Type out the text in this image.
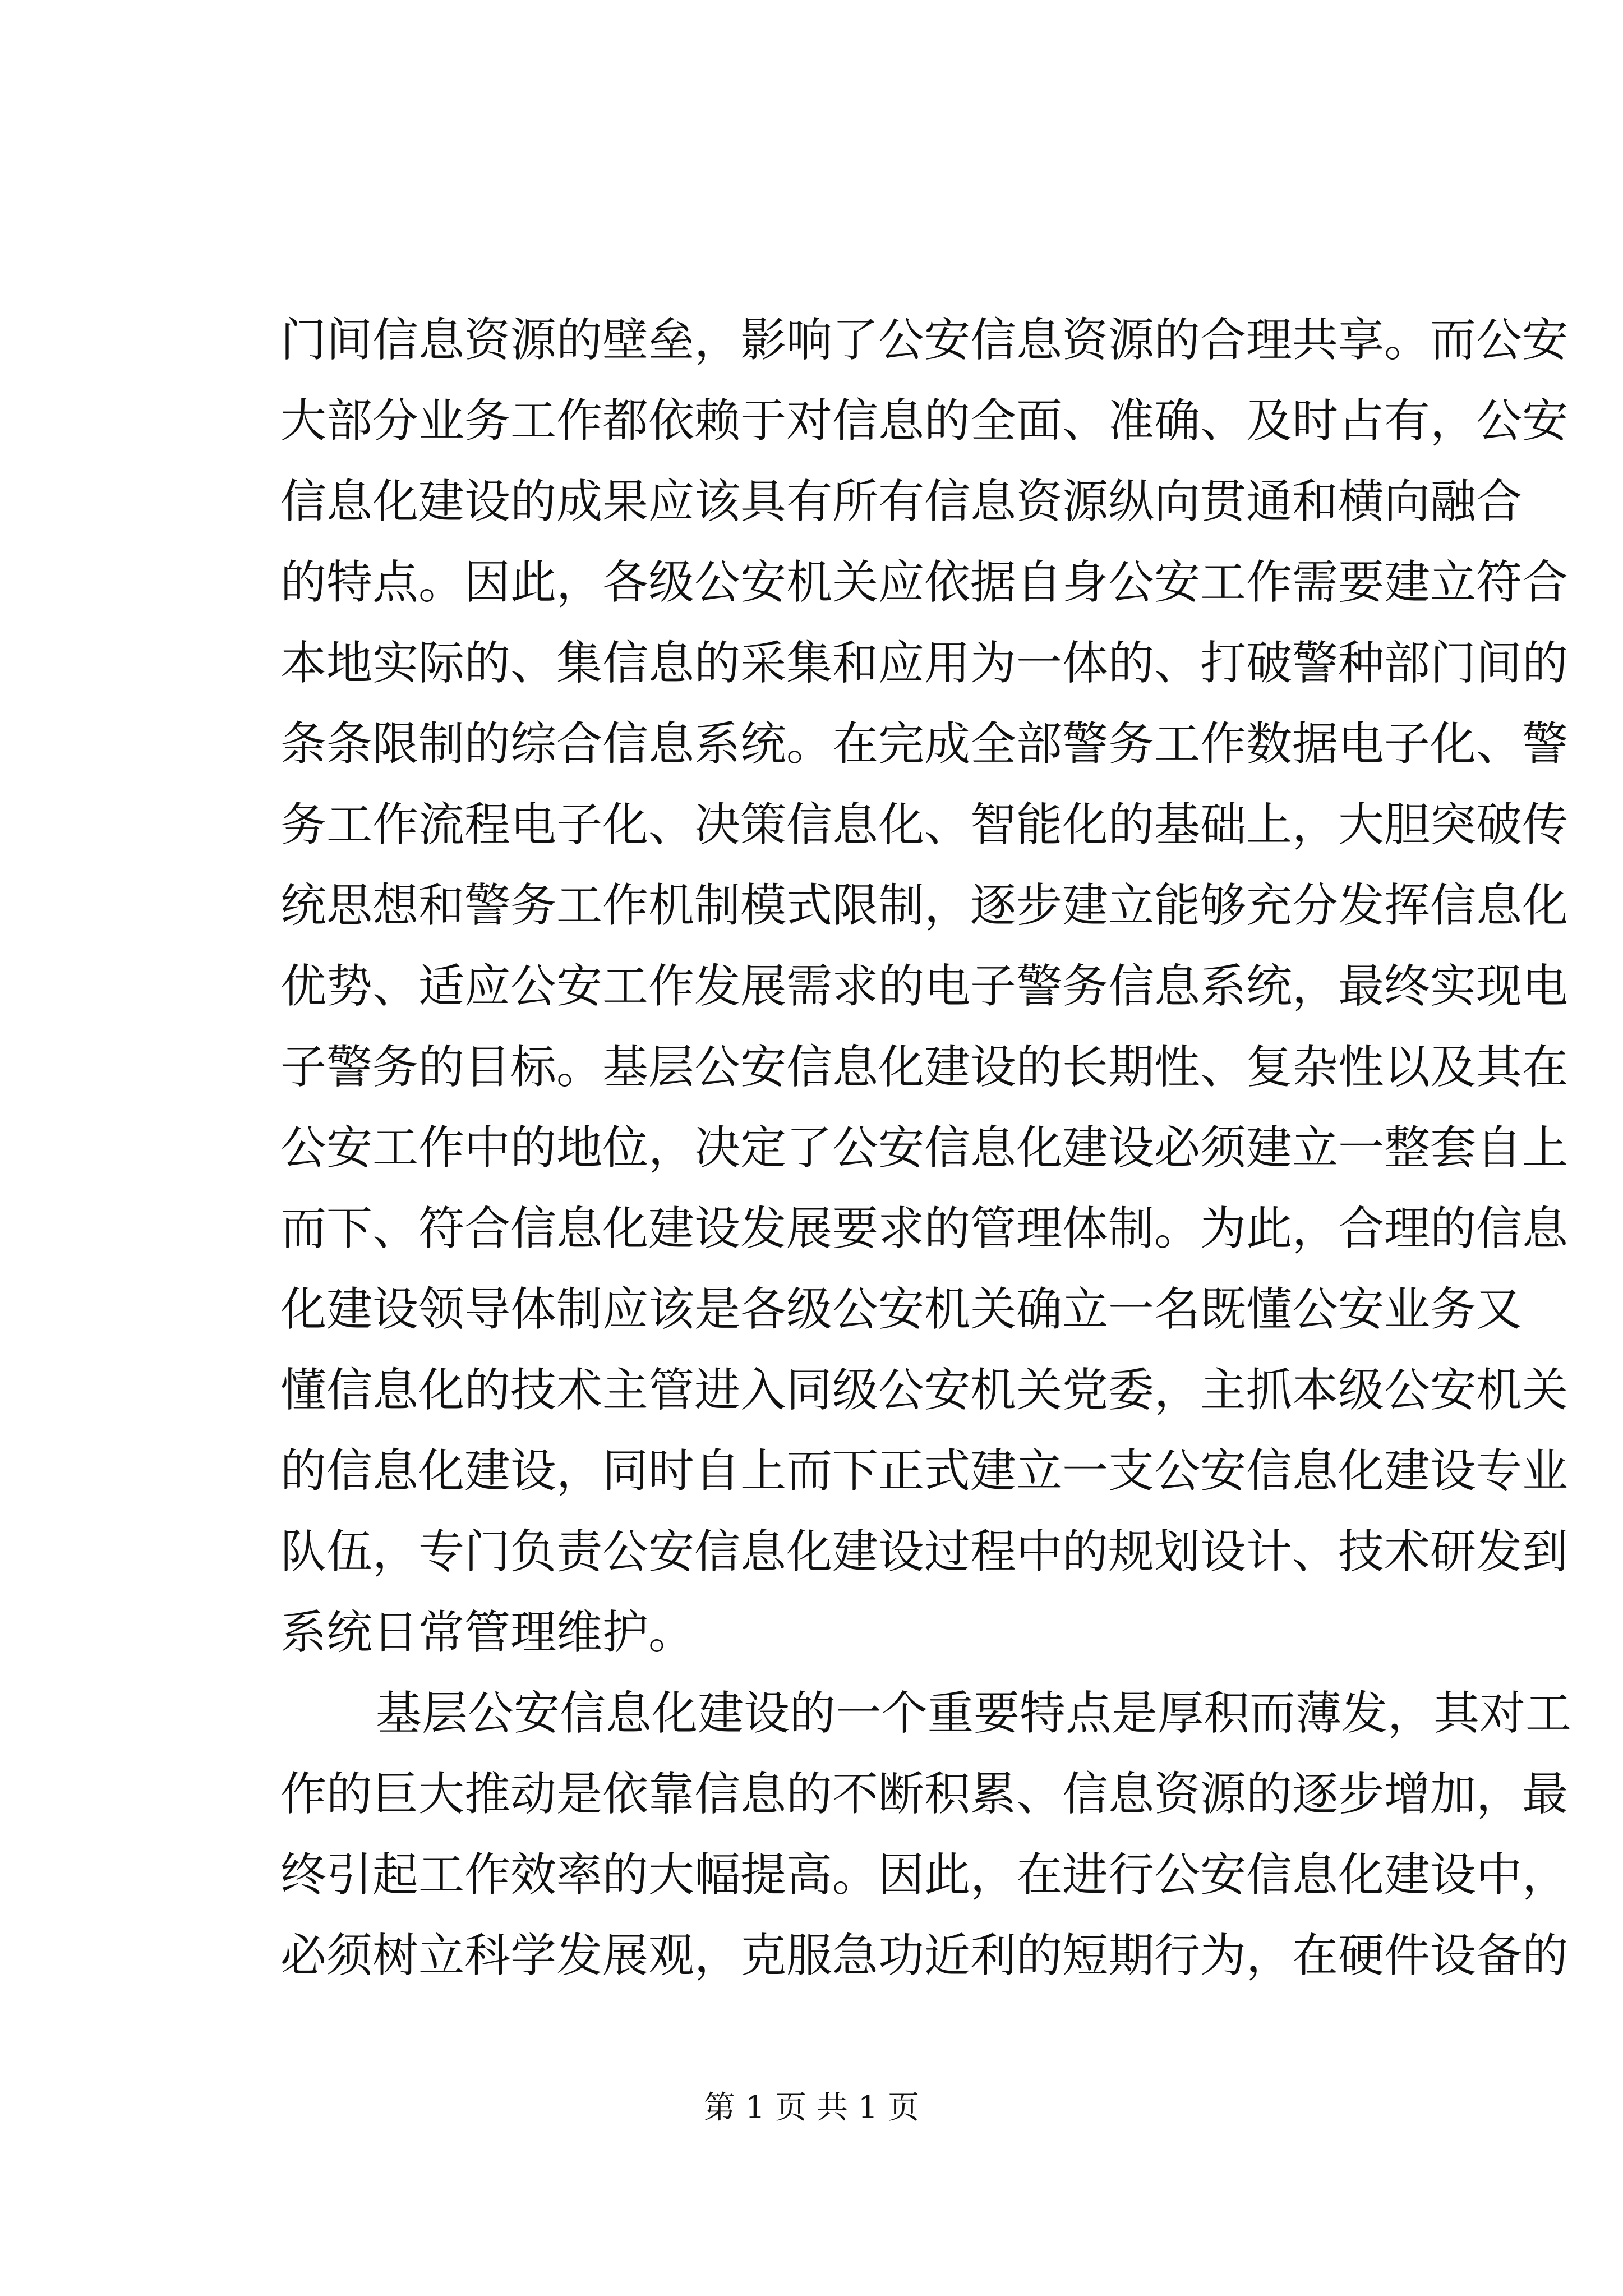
门间信息资源的壁垒，影响了公安信息资源的合理共享。而公安
大部分业务工作都依赖于对信息的全面、准确、及时占有，公安
信息化建设的成果应该具有所有信息资源纵向贯通和横向融合
的特点。因此，各级公安机关应依据自身公安工作需要建立符合
本地实际的、集信息的采集和应用为一体的、打破警种部门间的
条条限制的综合信息系统。在完成全部警务工作数据电子化、警
务工作流程电子化、决策信息化、智能化的基础上，大胆突破传
统思想和警务工作机制模式限制，逐步建立能够充分发挥信息化
优势、适应公安工作发展需求的电子警务信息系统，最终实现电
子警务的目标。基层公安信息化建设的长期性、复杂性以及其在
公安工作中的地位，决定了公安信息化建设必须建立一整套自上
而下、符合信息化建设发展要求的管理体制。为此，合理的信息
化建设领导体制应该是各级公安机关确立一名既懂公安业务又
懂信息化的技术主管进入同级公安机关党委，主抓本级公安机关
的信息化建设，同时自上而下正式建立一支公安信息化建设专业
队伍，专门负责公安信息化建设过程中的规划设计、技术研发到
系统日常管理维护。
基层公安信息化建设的一个重要特点是厚积而薄发，其对工
作的巨大推动是依靠信息的不断积累、信息资源的逐步增加，最
终引起工作效率的大幅提高。因此，在进行公安信息化建设中，
必须树立科学发展观，克服急功近利的短期行为，在硬件设备的
第 1 页 共 1 页
